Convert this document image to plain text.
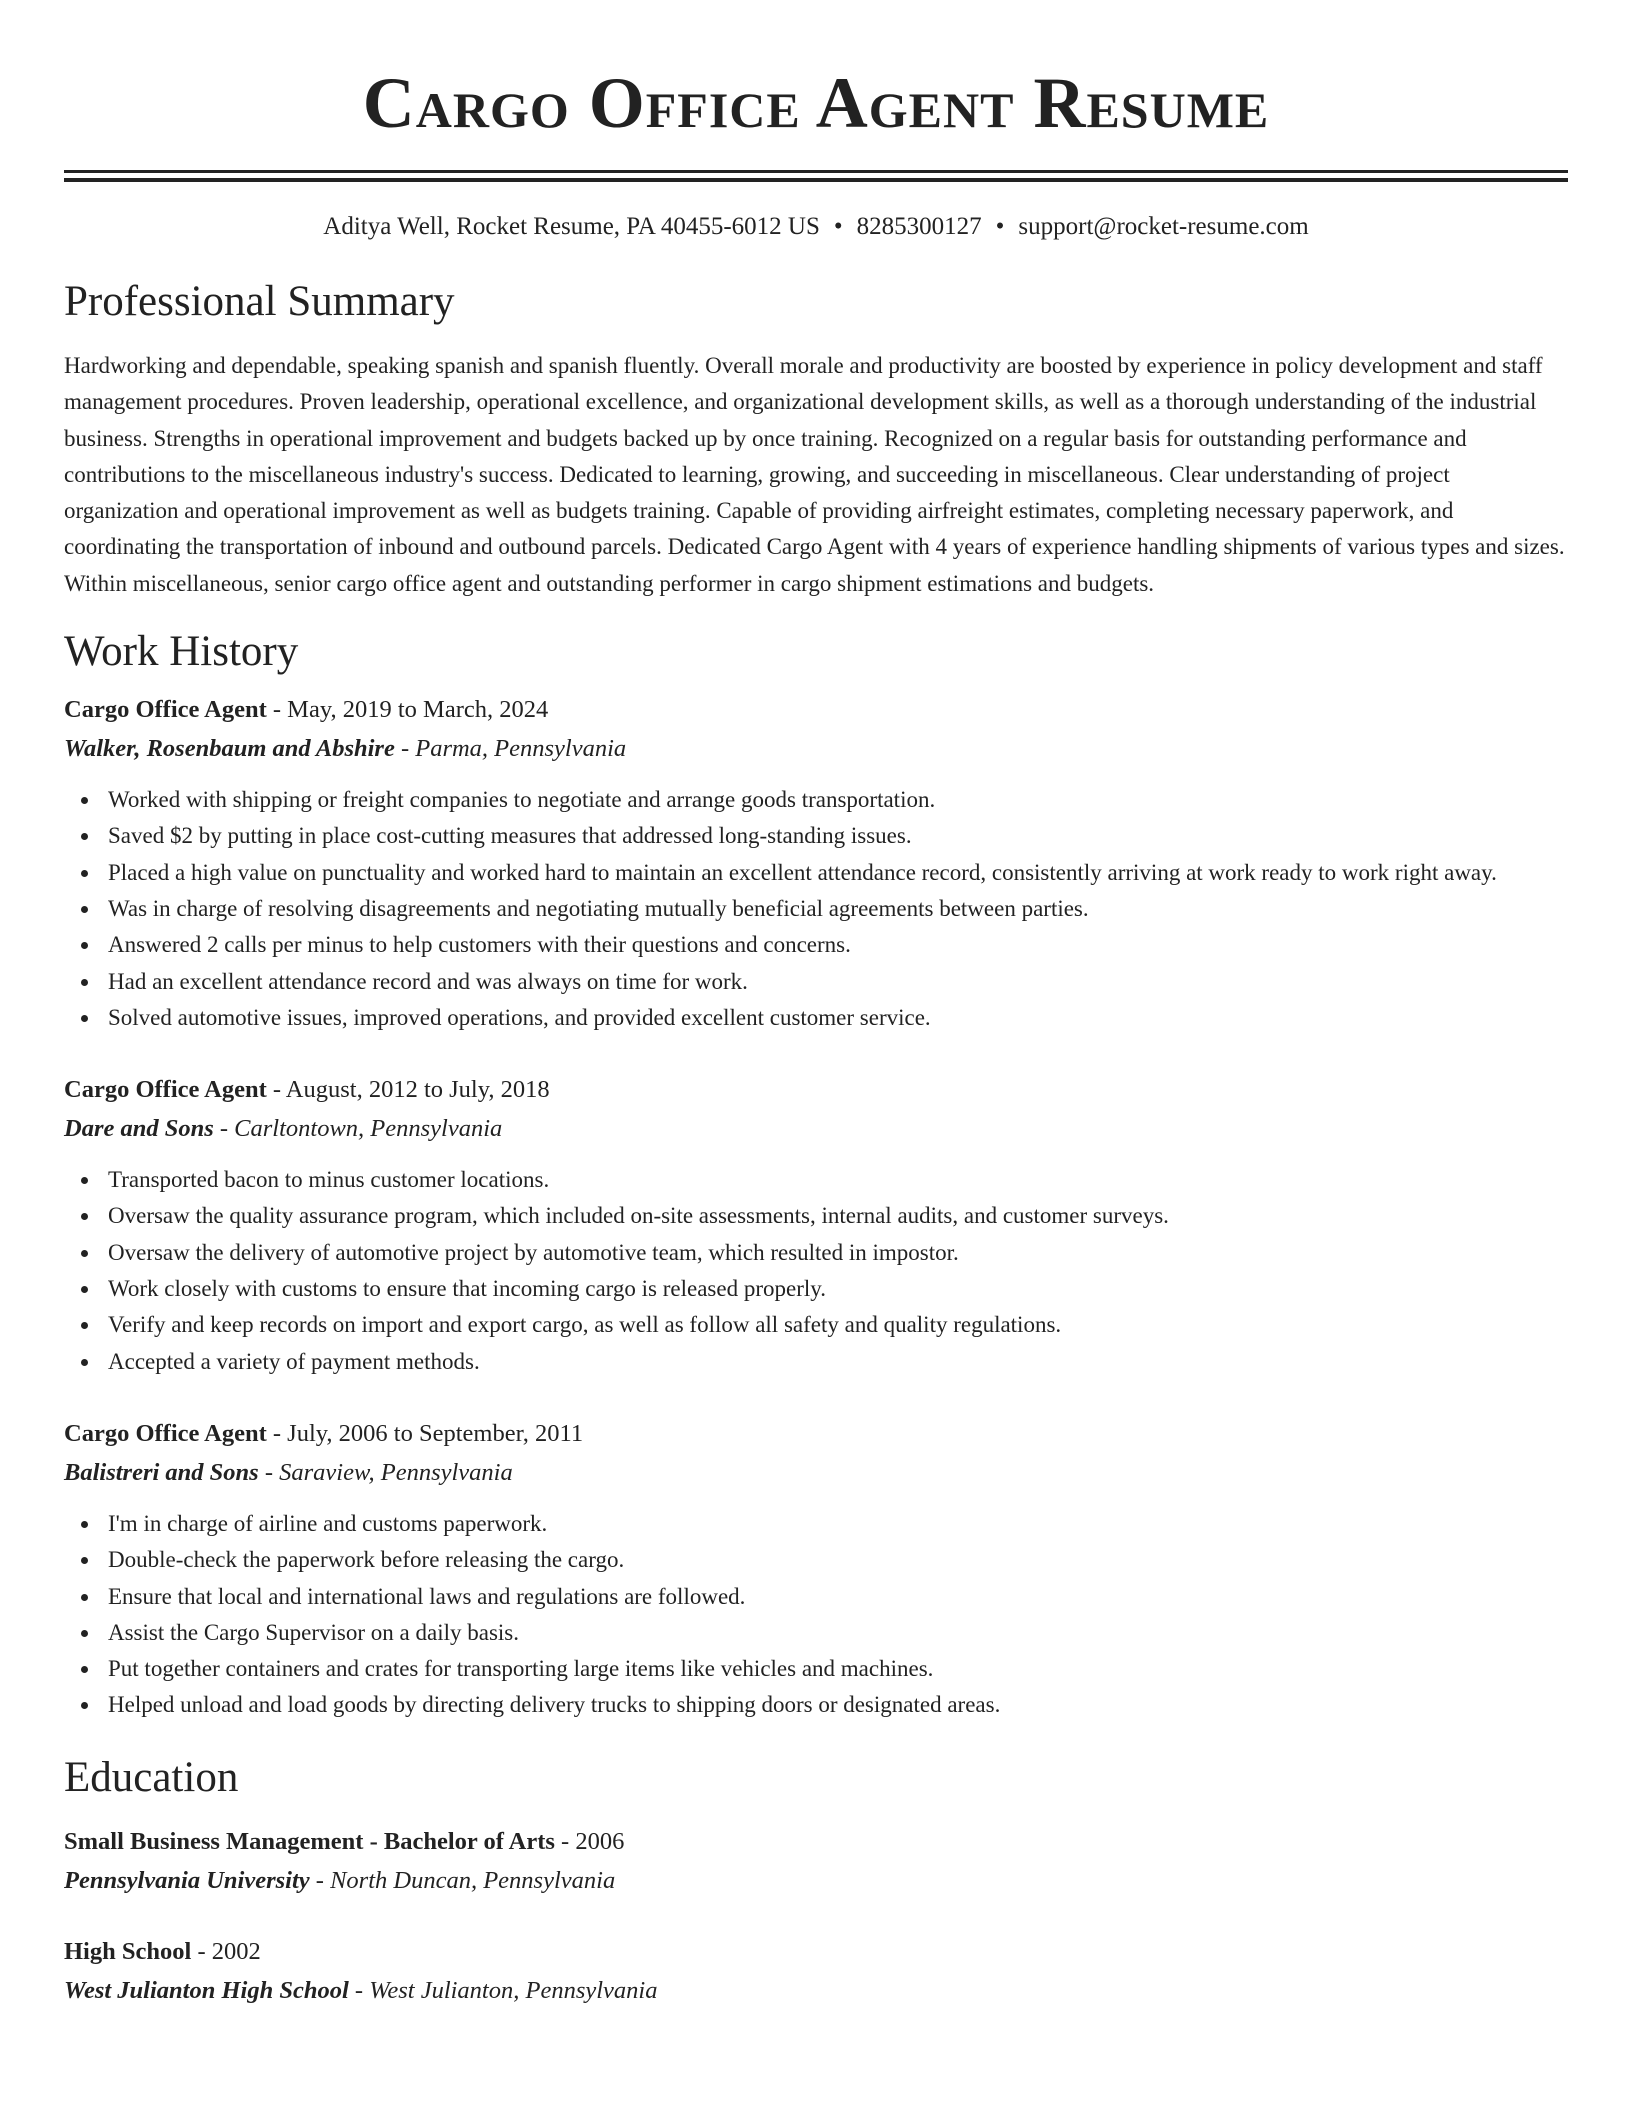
Cargo Office Agent Resume
Aditya Well, Rocket Resume, PA 40455-6012 US • 8285300127 • support@rocket-resume.com
Professional Summary

Hardworking and dependable, speaking spanish and spanish fluently. Overall morale and productivity are boosted by experience in policy development and staff management procedures. Proven leadership, operational excellence, and organizational development skills, as well as a thorough understanding of the industrial business. Strengths in operational improvement and budgets backed up by once training. Recognized on a regular basis for outstanding performance and contributions to the miscellaneous industry's success. Dedicated to learning, growing, and succeeding in miscellaneous. Clear understanding of project organization and operational improvement as well as budgets training. Capable of providing airfreight estimates, completing necessary paperwork, and coordinating the transportation of inbound and outbound parcels. Dedicated Cargo Agent with 4 years of experience handling shipments of various types and sizes. Within miscellaneous, senior cargo office agent and outstanding performer in cargo shipment estimations and budgets.

Work History
Cargo Office Agent - May, 2019 to March, 2024
Walker, Rosenbaum and Abshire - Parma, Pennsylvania
Worked with shipping or freight companies to negotiate and arrange goods transportation.
Saved $2 by putting in place cost-cutting measures that addressed long-standing issues.
Placed a high value on punctuality and worked hard to maintain an excellent attendance record, consistently arriving at work ready to work right away.
Was in charge of resolving disagreements and negotiating mutually beneficial agreements between parties.
Answered 2 calls per minus to help customers with their questions and concerns.
Had an excellent attendance record and was always on time for work.
Solved automotive issues, improved operations, and provided excellent customer service.
Cargo Office Agent - August, 2012 to July, 2018
Dare and Sons - Carltontown, Pennsylvania
Transported bacon to minus customer locations.
Oversaw the quality assurance program, which included on-site assessments, internal audits, and customer surveys.
Oversaw the delivery of automotive project by automotive team, which resulted in impostor.
Work closely with customs to ensure that incoming cargo is released properly.
Verify and keep records on import and export cargo, as well as follow all safety and quality regulations.
Accepted a variety of payment methods.
Cargo Office Agent - July, 2006 to September, 2011
Balistreri and Sons - Saraview, Pennsylvania
I'm in charge of airline and customs paperwork.
Double-check the paperwork before releasing the cargo.
Ensure that local and international laws and regulations are followed.
Assist the Cargo Supervisor on a daily basis.
Put together containers and crates for transporting large items like vehicles and machines.
Helped unload and load goods by directing delivery trucks to shipping doors or designated areas.
Education
Small Business Management - Bachelor of Arts - 2006
Pennsylvania University - North Duncan, Pennsylvania
High School - 2002
West Julianton High School - West Julianton, Pennsylvania
